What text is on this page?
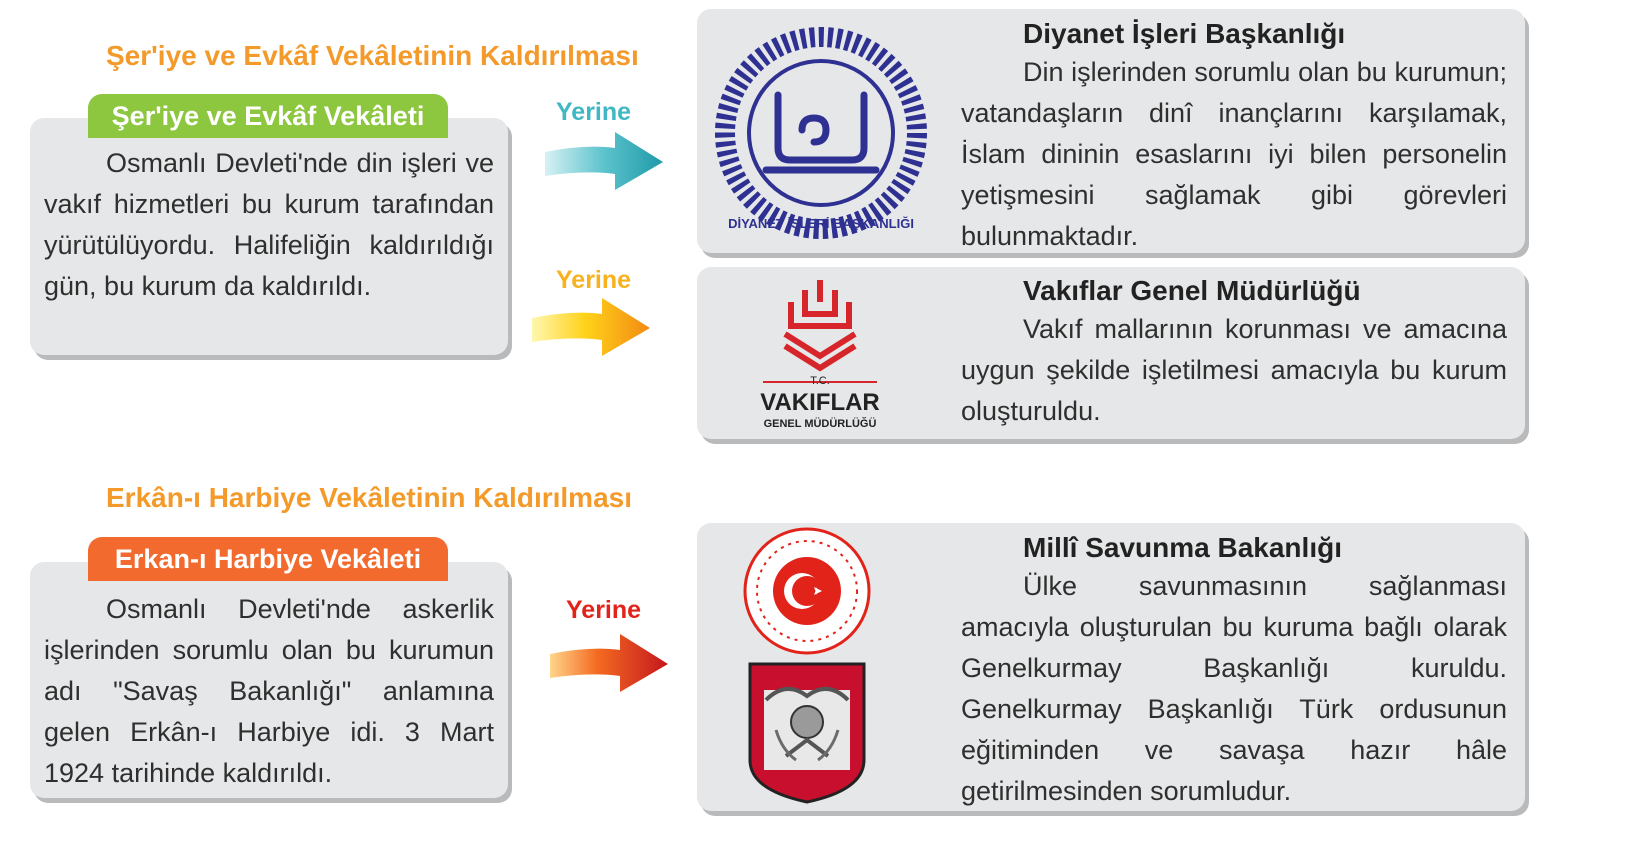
Şer'iye ve Evkâf Vekâletinin Kaldırılması

Osmanlı Devleti'nde din işleri ve vakıf hizmetleri bu kurum tarafından yürütülüyordu. Halifeliğin kaldırıldığı gün, bu kurum da kaldırıldı.

Şer'iye ve Evkâf Vekâleti
Erkân-ı Harbiye Vekâletinin Kaldırılması

Osmanlı Devleti'nde askerlik işlerinden sorumlu olan bu kurumun adı "Savaş Bakanlığı" anlamına gelen Erkân-ı Harbiye idi. 3 Mart 1924 tarihinde kaldırıldı.

Erkan-ı Harbiye Vekâleti
Yerine
Yerine
Yerine
DİYANET İŞLERİ BAŞKANLIĞI
Diyanet İşleri Başkanlığı

Din işlerinden sorumlu olan bu kurumun; vatandaşların dinî inançlarını karşılamak, İslam dininin esaslarını iyi bilen personelin yetişmesini sağlamak gibi görevleri bulunmaktadır.

T.C.
VAKIFLAR
GENEL MÜDÜRLÜĞÜ
Vakıflar Genel Müdürlüğü

Vakıf mallarının korunması ve amacına uygun şekilde işletilmesi amacıyla bu kurum oluşturuldu.

Millî Savunma Bakanlığı

Ülke savunmasının sağlanması amacıyla oluşturulan bu kuruma bağlı olarak Genelkurmay Başkanlığı kuruldu. Genelkurmay Başkanlığı Türk ordusunun eğitiminden ve savaşa hazır hâle getirilmesinden sorumludur.
